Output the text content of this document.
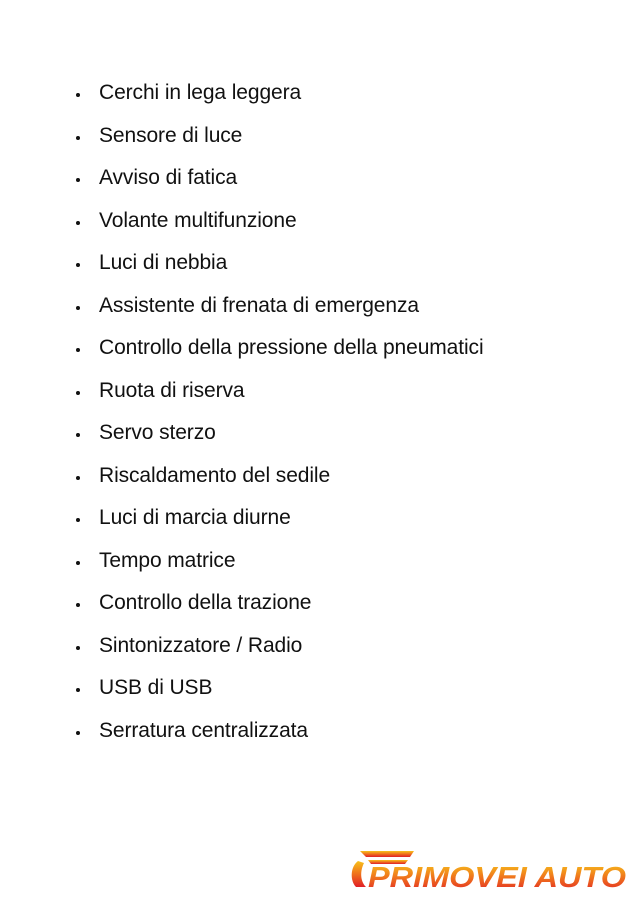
Cerchi in lega leggera
Sensore di luce
Avviso di fatica
Volante multifunzione
Luci di nebbia
Assistente di frenata di emergenza
Controllo della pressione della pneumatici
Ruota di riserva
Servo sterzo
Riscaldamento del sedile
Luci di marcia diurne
Tempo matrice
Controllo della trazione
Sintonizzatore / Radio
USB di USB
Serratura centralizzata
PRIMOVEI AUTO
